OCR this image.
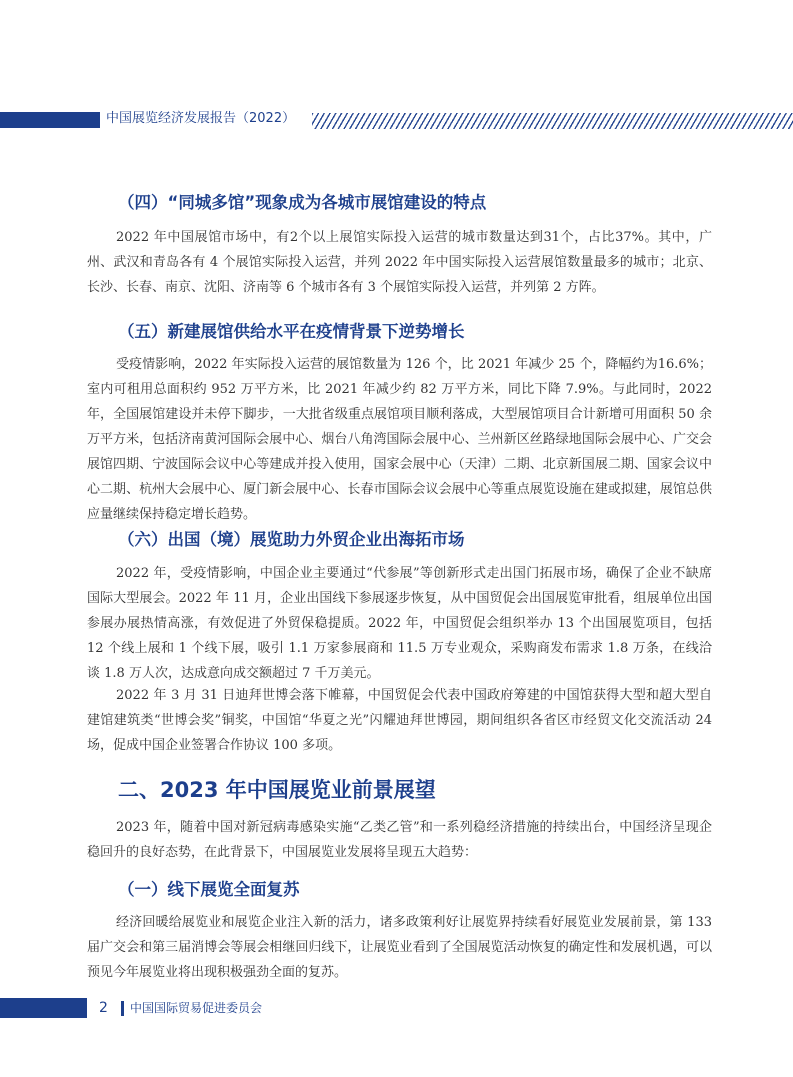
中国展览经济发展报告（2022）
（四）“同城多馆”现象成为各城市展馆建设的特点

2022 年中国展馆市场中，有2个以上展馆实际投入运营的城市数量达到31个，占比37%。其中，广州、武汉和青岛各有 4 个展馆实际投入运营，并列 2022 年中国实际投入运营展馆数量最多的城市；北京、长沙、长春、南京、沈阳、济南等 6 个城市各有 3 个展馆实际投入运营，并列第 2 方阵。

（五）新建展馆供给水平在疫情背景下逆势增长

受疫情影响，2022 年实际投入运营的展馆数量为 126 个，比 2021 年减少 25 个，降幅约为16.6%；室内可租用总面积约 952 万平方米，比 2021 年减少约 82 万平方米，同比下降 7.9%。与此同时，2022 年，全国展馆建设并未停下脚步，一大批省级重点展馆项目顺利落成，大型展馆项目合计新增可用面积 50 余万平方米，包括济南黄河国际会展中心、烟台八角湾国际会展中心、兰州新区丝路绿地国际会展中心、广交会展馆四期、宁波国际会议中心等建成并投入使用，国家会展中心（天津）二期、北京新国展二期、国家会议中心二期、杭州大会展中心、厦门新会展中心、长春市国际会议会展中心等重点展览设施在建或拟建，展馆总供应量继续保持稳定增长趋势。

（六）出国（境）展览助力外贸企业出海拓市场

2022 年，受疫情影响，中国企业主要通过“代参展”等创新形式走出国门拓展市场，确保了企业不缺席国际大型展会。2022 年 11 月，企业出国线下参展逐步恢复，从中国贸促会出国展览审批看，组展单位出国参展办展热情高涨，有效促进了外贸保稳提质。2022 年，中国贸促会组织举办 13 个出国展览项目，包括 12 个线上展和 1 个线下展，吸引 1.1 万家参展商和 11.5 万专业观众，采购商发布需求 1.8 万条，在线洽谈 1.8 万人次，达成意向成交额超过 7 千万美元。

2022 年 3 月 31 日迪拜世博会落下帷幕，中国贸促会代表中国政府筹建的中国馆获得大型和超大型自建馆建筑类“世博会奖”铜奖，中国馆“华夏之光”闪耀迪拜世博园，期间组织各省区市经贸文化交流活动 24 场，促成中国企业签署合作协议 100 多项。

二、2023 年中国展览业前景展望

2023 年，随着中国对新冠病毒感染实施“乙类乙管”和一系列稳经济措施的持续出台，中国经济呈现企稳回升的良好态势，在此背景下，中国展览业发展将呈现五大趋势：

（一）线下展览全面复苏

经济回暖给展览业和展览企业注入新的活力，诸多政策利好让展览界持续看好展览业发展前景，第 133 届广交会和第三届消博会等展会相继回归线下，让展览业看到了全国展览活动恢复的确定性和发展机遇，可以预见今年展览业将出现积极强劲全面的复苏。

2 中国国际贸易促进委员会
